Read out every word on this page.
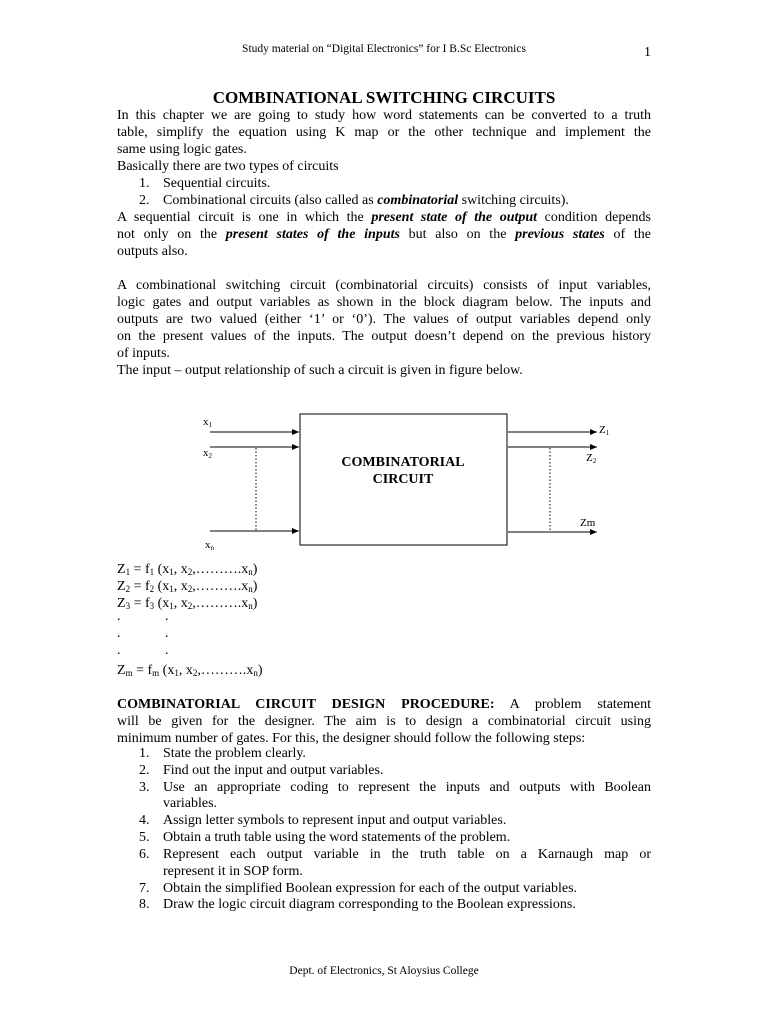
Study material on “Digital Electronics” for I B.Sc Electronics	1
COMBINATIONAL SWITCHING CIRCUITS
In this chapter we are going to study how word statements can be converted to a truth
table, simplify the equation using K map or the other technique and implement the
same using logic gates.
Basically there are two types of circuits
1. Sequential circuits.
2. Combinational circuits (also called as combinatorial switching circuits).
A sequential circuit is one in which the present state of the output condition depends
not only on the present states of the inputs but also on the previous states of the
outputs also.
A combinational switching circuit (combinatorial circuits) consists of input variables,
logic gates and output variables as shown in the block diagram below. The inputs and
outputs are two valued (either ‘1’ or ‘0’). The values of output variables depend only
on the present values of the inputs. The output doesn’t depend on the previous history
of inputs.
The input – output relationship of such a circuit is given in figure below.
COMBINATORIAL
CIRCUIT
x1
x2
xn
Z1
Z2
Zm
$Z_1 = f_1$ ($x_1$, $x_2,\dots\dots\dots.x_n$)
$Z_2 = f_2$ ($x_1$, $x_2,\dots\dots\dots.x_n$)
$Z_3 = f_3$ ($x_1$, $x_2,\dots\dots\dots.x_n$)
.	.
.	.
.	.
$Z_m = f_m$ ($x_1$, $x_2,\dots\dots\dots.x_n$)
COMBINATORIAL CIRCUIT DESIGN PROCEDURE: A problem statement
will be given for the designer. The aim is to design a combinatorial circuit using
minimum number of gates. For this, the designer should follow the following steps:
1. State the problem clearly.
2. Find out the input and output variables.
3. Use an appropriate coding to represent the inputs and outputs with Boolean
variables.
4. Assign letter symbols to represent input and output variables.
5. Obtain a truth table using the word statements of the problem.
6. Represent each output variable in the truth table on a Karnaugh map or
represent it in SOP form.
7. Obtain the simplified Boolean expression for each of the output variables.
8. Draw the logic circuit diagram corresponding to the Boolean expressions.
Dept. of Electronics, St Aloysius College
